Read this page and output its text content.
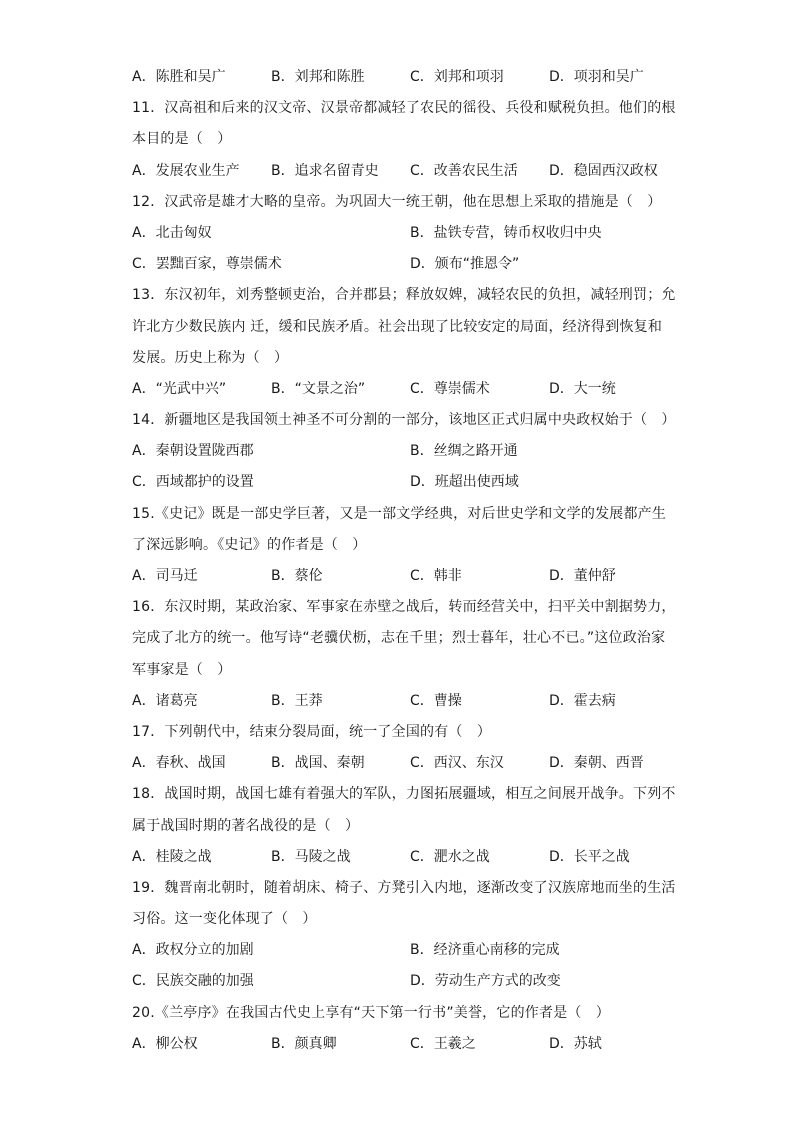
A．陈胜和吴广	B．刘邦和陈胜	C．刘邦和项羽	D．项羽和吴广
11．汉高祖和后来的汉文帝、汉景帝都减轻了农民的徭役、兵役和赋税负担。他们的根
本目的是（　）
A．发展农业生产	B．追求名留青史	C．改善农民生活	D．稳固西汉政权
12．汉武帝是雄才大略的皇帝。为巩固大一统王朝，他在思想上采取的措施是（　）
A．北击匈奴	B．盐铁专营，铸币权收归中央
C．罢黜百家，尊崇儒术	D．颁布“推恩令”
13．东汉初年，刘秀整顿吏治，合并郡县；释放奴婢，减轻农民的负担，减轻刑罚；允
许北方少数民族内 迁，缓和民族矛盾。社会出现了比较安定的局面，经济得到恢复和
发展。历史上称为（　）
A．“光武中兴”	B．“文景之治”	C．尊崇儒术	D．大一统
14．新疆地区是我国领土神圣不可分割的一部分，该地区正式归属中央政权始于（　）
A．秦朝设置陇西郡	B．丝绸之路开通
C．西域都护的设置	D．班超出使西域
15.《史记》既是一部史学巨著，又是一部文学经典，对后世史学和文学的发展都产生
了深远影响。《史记》的作者是（　）
A．司马迁	B．蔡伦	C．韩非	D．董仲舒
16．东汉时期，某政治家、军事家在赤壁之战后，转而经营关中，扫平关中割据势力，
完成了北方的统一。他写诗“老骥伏枥，志在千里；烈士暮年，壮心不已。”这位政治家
军事家是（　）
A．诸葛亮	B．王莽	C．曹操	D．霍去病
17．下列朝代中，结束分裂局面，统一了全国的有（　）
A．春秋、战国	B．战国、秦朝	C．西汉、东汉	D．秦朝、西晋
18．战国时期，战国七雄有着强大的军队，力图拓展疆域，相互之间展开战争。下列不
属于战国时期的著名战役的是（　）
A．桂陵之战	B．马陵之战	C．淝水之战	D．长平之战
19．魏晋南北朝时，随着胡床、椅子、方凳引入内地，逐渐改变了汉族席地而坐的生活
习俗。这一变化体现了（　）
A．政权分立的加剧	B．经济重心南移的完成
C．民族交融的加强	D．劳动生产方式的改变
20.《兰亭序》在我国古代史上享有“天下第一行书”美誉，它的作者是（　）
A．柳公权	B．颜真卿	C．王羲之	D．苏轼
